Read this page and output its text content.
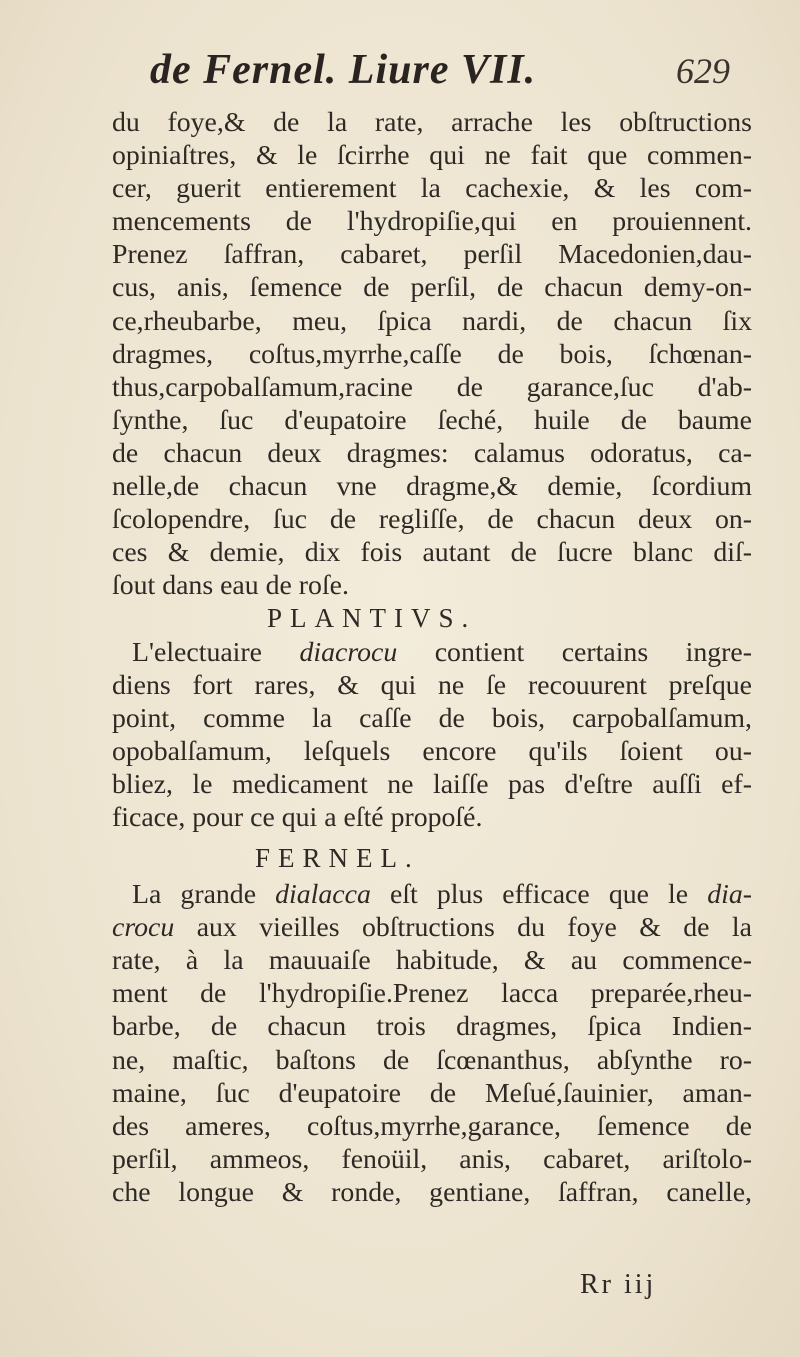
de Fernel. Liure VII.	629
du foye,& de la rate, arrache les obſtructions
opiniaſtres, & le ſcirrhe qui ne fait que commen-
cer, guerit entierement la cachexie, & les com-
mencements de l'hydropiſie,qui en prouiennent.
Prenez ſaffran, cabaret, perſil Macedonien,dau-
cus, anis, ſemence de perſil, de chacun demy-on-
ce,rheubarbe, meu, ſpica nardi, de chacun ſix
dragmes, coſtus,myrrhe,caſſe de bois, ſchœnan-
thus,carpobalſamum,racine de garance,ſuc d'ab-
ſynthe, ſuc d'eupatoire ſeché, huile de baume
de chacun deux dragmes: calamus odoratus, ca-
nelle,de chacun vne dragme,& demie, ſcordium
ſcolopendre, ſuc de regliſſe, de chacun deux on-
ces & demie, dix fois autant de ſucre blanc diſ-
ſout dans eau de roſe.
PLANTIVS.
L'electuaire diacrocu contient certains ingre-
diens fort rares, & qui ne ſe recouurent preſque
point, comme la caſſe de bois, carpobalſamum,
opobalſamum, leſquels encore qu'ils ſoient ou-
bliez, le medicament ne laiſſe pas d'eſtre auſſi ef-
ficace, pour ce qui a eſté propoſé.
FERNEL.
La grande dialacca eſt plus efficace que le dia-
crocu aux vieilles obſtructions du foye & de la
rate, à la mauuaiſe habitude, & au commence-
ment de l'hydropiſie.Prenez lacca preparée,rheu-
barbe, de chacun trois dragmes, ſpica Indien-
ne, maſtic, baſtons de ſcœnanthus, abſynthe ro-
maine, ſuc d'eupatoire de Meſué,ſauinier, aman-
des ameres, coſtus,myrrhe,garance, ſemence de
perſil, ammeos, fenoüil, anis, cabaret, ariſtolo-
che longue & ronde, gentiane, ſaffran, canelle,
Rr iij
